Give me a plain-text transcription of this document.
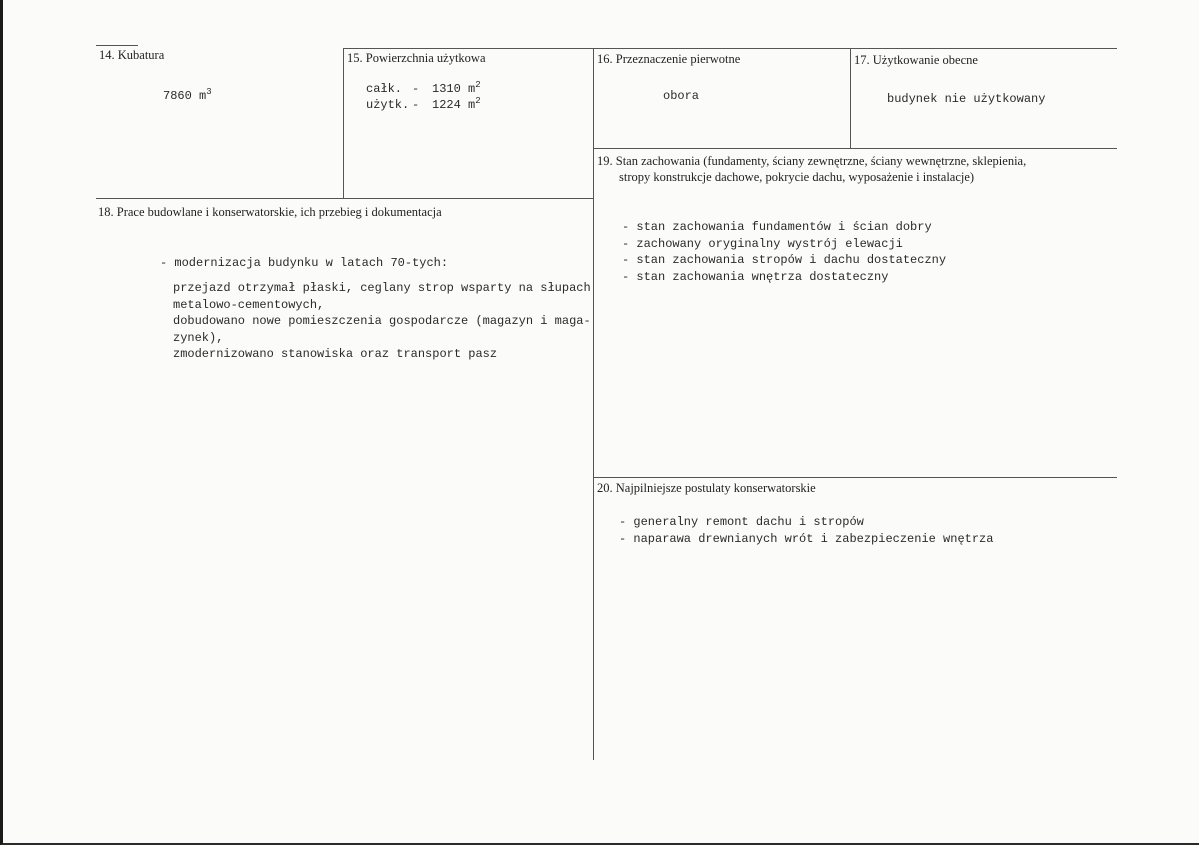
14. Kubatura
7860 $m^3$
15. Powierzchnia użytkowa
całk. - 1310 $m^2$
użytk. - 1224 $m^2$
16. Przeznaczenie pierwotne
obora
17. Użytkowanie obecne
budynek nie użytkowany
18. Prace budowlane i konserwatorskie, ich przebieg i dokumentacja
- modernizacja budynku w latach 70-tych:
przejazd otrzymał płaski, ceglany strop wsparty na słupach
metalowo-cementowych,
dobudowano nowe pomieszczenia gospodarcze (magazyn i maga-
zynek),
zmodernizowano stanowiska oraz transport pasz
19. Stan zachowania (fundamenty, ściany zewnętrzne, ściany wewnętrzne, sklepienia,
stropy konstrukcje dachowe, pokrycie dachu, wyposażenie i instalacje)
- stan zachowania fundamentów i ścian dobry
- zachowany oryginalny wystrój elewacji
- stan zachowania stropów i dachu dostateczny
- stan zachowania wnętrza dostateczny
20. Najpilniejsze postulaty konserwatorskie
- generalny remont dachu i stropów
- naparawa drewnianych wrót i zabezpieczenie wnętrza
